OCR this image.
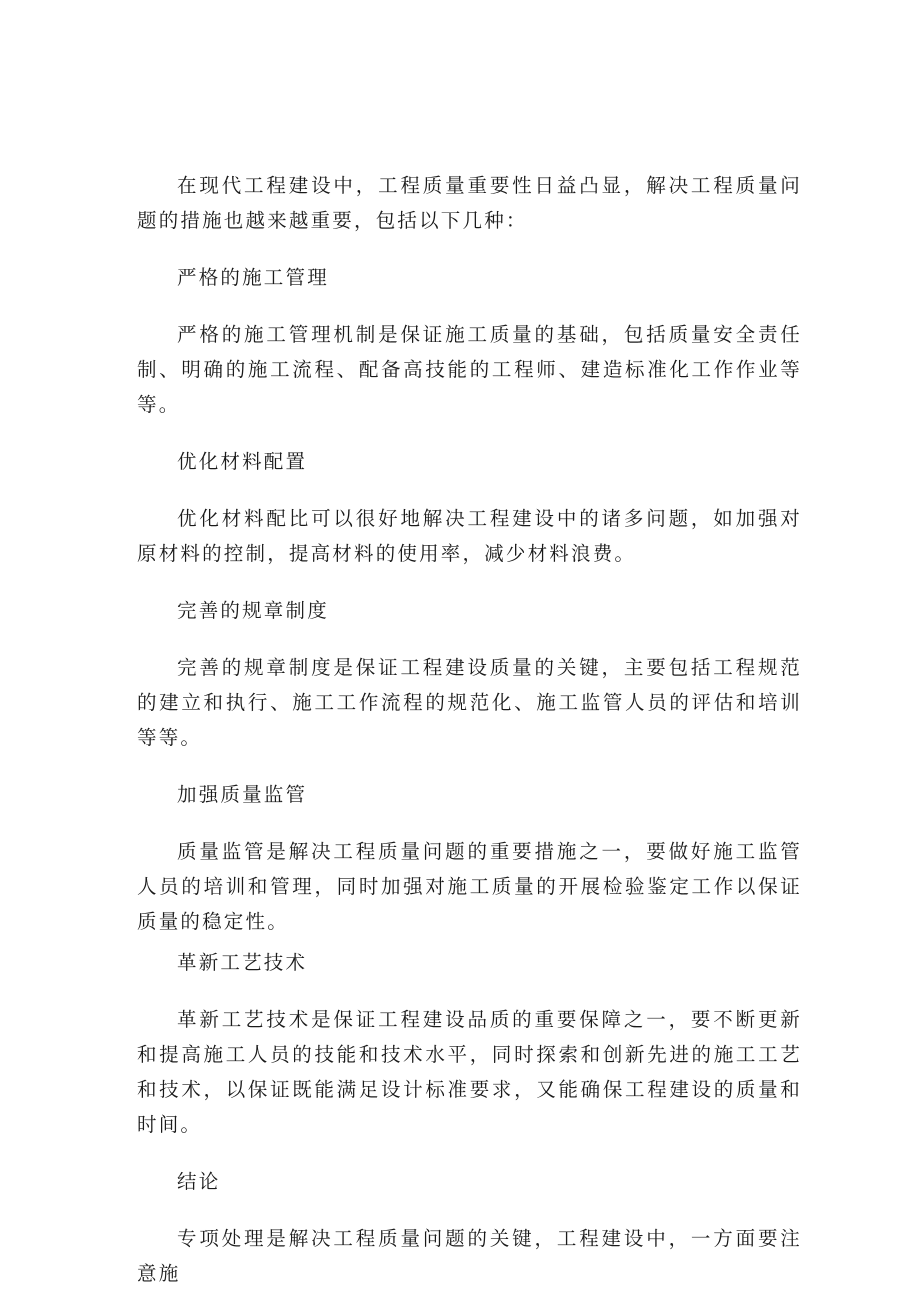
在现代工程建设中，工程质量重要性日益凸显，解决工程质量问题的措施也越来越重要，包括以下几种：

严格的施工管理

严格的施工管理机制是保证施工质量的基础，包括质量安全责任制、明确的施工流程、配备高技能的工程师、建造标准化工作作业等等。

优化材料配置

优化材料配比可以很好地解决工程建设中的诸多问题，如加强对原材料的控制，提高材料的使用率，减少材料浪费。

完善的规章制度

完善的规章制度是保证工程建设质量的关键，主要包括工程规范的建立和执行、施工工作流程的规范化、施工监管人员的评估和培训等等。

加强质量监管

质量监管是解决工程质量问题的重要措施之一，要做好施工监管人员的培训和管理，同时加强对施工质量的开展检验鉴定工作以保证质量的稳定性。

革新工艺技术

革新工艺技术是保证工程建设品质的重要保障之一，要不断更新和提高施工人员的技能和技术水平，同时探索和创新先进的施工工艺和技术，以保证既能满足设计标准要求，又能确保工程建设的质量和时间。

结论

专项处理是解决工程质量问题的关键，工程建设中，一方面要注意施
